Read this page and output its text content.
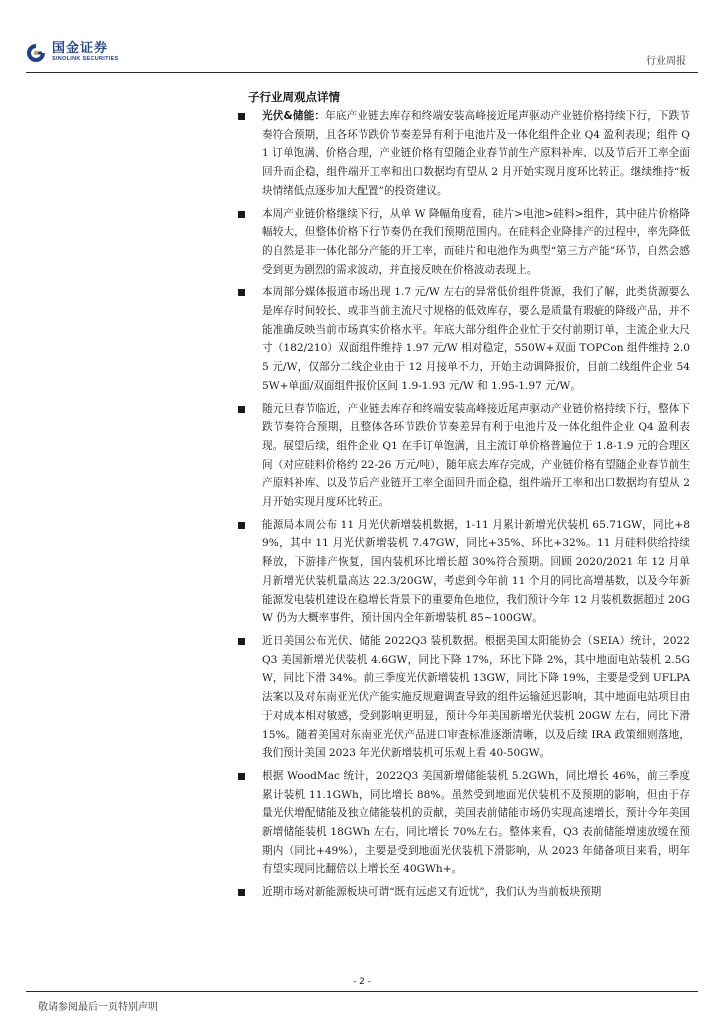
国金证券
SINOLINK SECURITIES	行业周报
子行业周观点详情

光伏&储能：年底产业链去库存和终端安装高峰接近尾声驱动产业链价格持续下行，下跌节奏符合预期，且各环节跌价节奏差异有利于电池片及一体化组件企业 Q4 盈利表现；组件 Q1 订单饱满、价格合理，产业链价格有望随企业春节前生产原料补库、以及节后开工率全面回升而企稳，组件端开工率和出口数据均有望从 2 月开始实现月度环比转正。继续维持“板块情绪低点逐步加大配置”的投资建议。

本周产业链价格继续下行，从单 W 降幅角度看，硅片>电池>硅料>组件，其中硅片价格降幅较大，但整体价格下行节奏仍在我们预期范围内。在硅料企业降排产的过程中，率先降低的自然是非一体化部分产能的开工率，而硅片和电池作为典型“第三方产能”环节，自然会感受到更为剧烈的需求波动，并直接反映在价格波动表现上。

本周部分媒体报道市场出现 1.7 元/W 左右的异常低价组件货源，我们了解，此类货源要么是库存时间较长、或非当前主流尺寸规格的低效库存，要么是质量有瑕疵的降级产品，并不能准确反映当前市场真实价格水平。年底大部分组件企业忙于交付前期订单，主流企业大尺寸（182/210）双面组件维持 1.97 元/W 相对稳定，550W+双面 TOPCon 组件维持 2.05 元/W，仅部分二线企业由于 12 月接单不力，开始主动调降报价，目前二线组件企业 545W+单面/双面组件报价区间 1.9-1.93 元/W 和 1.95-1.97 元/W。

随元旦春节临近，产业链去库存和终端安装高峰接近尾声驱动产业链价格持续下行，整体下跌节奏符合预期，且整体各环节跌价节奏差异有利于电池片及一体化组件企业 Q4 盈利表现。展望后续，组件企业 Q1 在手订单饱满，且主流订单价格普遍位于 1.8-1.9 元的合理区间（对应硅料价格约 22-26 万元/吨），随年底去库存完成，产业链价格有望随企业春节前生产原料补库、以及节后产业链开工率全面回升而企稳，组件端开工率和出口数据均有望从 2 月开始实现月度环比转正。

能源局本周公布 11 月光伏新增装机数据，1-11 月累计新增光伏装机 65.71GW，同比+89%，其中 11 月光伏新增装机 7.47GW，同比+35%、环比+32%。11 月硅料供给持续释放，下游排产恢复，国内装机环比增长超 30%符合预期。回顾 2020/2021 年 12 月单月新增光伏装机量高达 22.3/20GW，考虑到今年前 11 个月的同比高增基数，以及今年新能源发电装机建设在稳增长背景下的重要角色地位，我们预计今年 12 月装机数据超过 20GW 仍为大概率事件，预计国内全年新增装机 85~100GW。

近日美国公布光伏、储能 2022Q3 装机数据。根据美国太阳能协会（SEIA）统计，2022Q3 美国新增光伏装机 4.6GW，同比下降 17%，环比下降 2%，其中地面电站装机 2.5GW，同比下滑 34%。前三季度光伏新增装机 13GW，同比下降 19%，主要是受到 UFLPA 法案以及对东南亚光伏产能实施反规避调查导致的组件运输延迟影响，其中地面电站项目由于对成本相对敏感，受到影响更明显，预计今年美国新增光伏装机 20GW 左右，同比下滑 15%。随着美国对东南亚光伏产品进口审查标准逐渐清晰，以及后续 IRA 政策细则落地，我们预计美国 2023 年光伏新增装机可乐观上看 40-50GW。

根据 WoodMac 统计，2022Q3 美国新增储能装机 5.2GWh，同比增长 46%，前三季度累计装机 11.1GWh，同比增长 88%。虽然受到地面光伏装机不及预期的影响，但由于存量光伏增配储能及独立储能装机的贡献，美国表前储能市场仍实现高速增长，预计今年美国新增储能装机 18GWh 左右，同比增长 70%左右。整体来看，Q3 表前储能增速放缓在预期内（同比+49%），主要是受到地面光伏装机下滑影响，从 2023 年储备项目来看，明年有望实现同比翻倍以上增长至 40GWh+。

近期市场对新能源板块可谓“既有远虑又有近忧”，我们认为当前板块预期

- 2 -
敬请参阅最后一页特别声明
